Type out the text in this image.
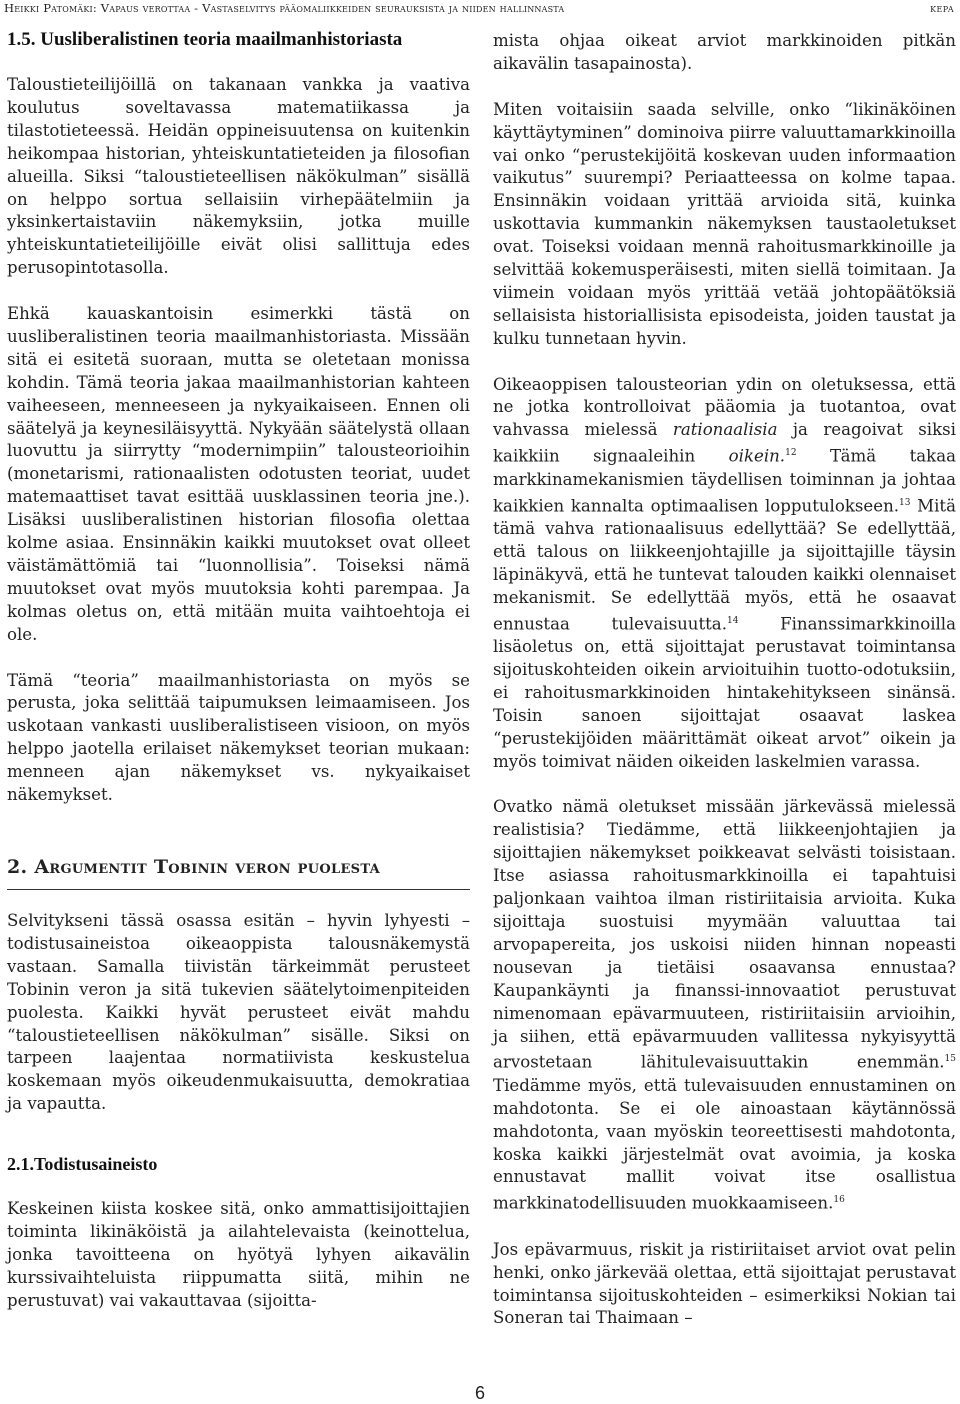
Heikki Patomäki: Vapaus verottaa - Vastaselvitys pääomaliikkeiden seurauksista ja niiden hallinnasta	kepa
1.5. Uusliberalistinen teoria maailmanhistoriasta

Taloustieteilijöillä on takanaan vankka ja vaativa koulutus soveltavassa matematiikassa ja tilastotieteessä. Heidän oppineisuutensa on kuitenkin heikompaa historian, yhteiskuntatieteiden ja filosofian alueilla. Siksi “taloustieteellisen näkökulman” sisällä on helppo sortua sellaisiin virhepäätelmiin ja yksinkertaistaviin näkemyksiin, jotka muille yhteiskuntatieteilijöille eivät olisi sallittuja edes perusopintotasolla.

Ehkä kauaskantoisin esimerkki tästä on uusliberalistinen teoria maailmanhistoriasta. Missään sitä ei esitetä suoraan, mutta se oletetaan monissa kohdin. Tämä teoria jakaa maailmanhistorian kahteen vaiheeseen, menneeseen ja nykyaikaiseen. Ennen oli säätelyä ja keynesiläisyyttä. Nykyään säätelystä ollaan luovuttu ja siirrytty “modernimpiin” talousteorioihin (monetarismi, rationaalisten odotusten teoriat, uudet matemaattiset tavat esittää uusklassinen teoria jne.). Lisäksi uusliberalistinen historian filosofia olettaa kolme asiaa. Ensinnäkin kaikki muutokset ovat olleet väistämättömiä tai “luonnollisia”. Toiseksi nämä muutokset ovat myös muutoksia kohti parempaa. Ja kolmas oletus on, että mitään muita vaihtoehtoja ei ole.

Tämä “teoria” maailmanhistoriasta on myös se perusta, joka selittää taipumuksen leimaamiseen. Jos uskotaan vankasti uusliberalistiseen visioon, on myös helppo jaotella erilaiset näkemykset teorian mukaan: menneen ajan näkemykset vs. nykyaikaiset näkemykset.

2. Argumentit Tobinin veron puolesta

Selvitykseni tässä osassa esitän – hyvin lyhyesti – todistusaineistoa oikeaoppista talousnäkemystä vastaan. Samalla tiivistän tärkeimmät perusteet Tobinin veron ja sitä tukevien säätelytoimenpiteiden puolesta. Kaikki hyvät perusteet eivät mahdu “taloustieteellisen näkökulman” sisälle. Siksi on tarpeen laajentaa normatiivista keskustelua koskemaan myös oikeudenmukaisuutta, demokratiaa ja vapautta.

2.1.Todistusaineisto

Keskeinen kiista koskee sitä, onko ammattisijoittajien toiminta likinäköistä ja ailahtelevaista (keinottelua, jonka tavoitteena on hyötyä lyhyen aikavälin kurssivaihteluista riippumatta siitä, mihin ne perustuvat) vai vakauttavaa (sijoitta-

mista ohjaa oikeat arviot markkinoiden pitkän aikavälin tasapainosta).

Miten voitaisiin saada selville, onko “likinäköinen käyttäytyminen” dominoiva piirre valuuttamarkkinoilla vai onko “perustekijöitä koskevan uuden informaation vaikutus” suurempi? Periaatteessa on kolme tapaa. Ensinnäkin voidaan yrittää arvioida sitä, kuinka uskottavia kummankin näkemyksen taustaoletukset ovat. Toiseksi voidaan mennä rahoitusmarkkinoille ja selvittää kokemusperäisesti, miten siellä toimitaan. Ja viimein voidaan myös yrittää vetää johtopäätöksiä sellaisista historiallisista episodeista, joiden taustat ja kulku tunnetaan hyvin.

Oikeaoppisen talousteorian ydin on oletuksessa, että ne jotka kontrolloivat pääomia ja tuotantoa, ovat vahvassa mielessä rationaalisia ja reagoivat siksi kaikkiin signaaleihin oikein.$^{12}$ Tämä takaa markkinamekanismien täydellisen toiminnan ja johtaa kaikkien kannalta optimaalisen lopputulokseen.$^{13}$ Mitä tämä vahva rationaalisuus edellyttää? Se edellyttää, että talous on liikkeenjohtajille ja sijoittajille täysin läpinäkyvä, että he tuntevat talouden kaikki olennaiset mekanismit. Se edellyttää myös, että he osaavat ennustaa tulevaisuutta.$^{14}$ Finanssimarkkinoilla lisäoletus on, että sijoittajat perustavat toimintansa sijoituskohteiden oikein arvioituihin tuotto-odotuksiin, ei rahoitusmarkkinoiden hintakehitykseen sinänsä. Toisin sanoen sijoittajat osaavat laskea “perustekijöiden määrittämät oikeat arvot” oikein ja myös toimivat näiden oikeiden laskelmien varassa.

Ovatko nämä oletukset missään järkevässä mielessä realistisia? Tiedämme, että liikkeenjohtajien ja sijoittajien näkemykset poikkeavat selvästi toisistaan. Itse asiassa rahoitusmarkkinoilla ei tapahtuisi paljonkaan vaihtoa ilman ristiriitaisia arvioita. Kuka sijoittaja suostuisi myymään valuuttaa tai arvopapereita, jos uskoisi niiden hinnan nopeasti nousevan ja tietäisi osaavansa ennustaa? Kaupankäynti ja finanssi-innovaatiot perustuvat nimenomaan epävarmuuteen, ristiriitaisiin arvioihin, ja siihen, että epävarmuuden vallitessa nykyisyyttä arvostetaan lähitulevaisuuttakin enemmän.$^{15}$ Tiedämme myös, että tulevaisuuden ennustaminen on mahdotonta. Se ei ole ainoastaan käytännössä mahdotonta, vaan myöskin teoreettisesti mahdotonta, koska kaikki järjestelmät ovat avoimia, ja koska ennustavat mallit voivat itse osallistua markkinatodellisuuden muokkaamiseen.$^{16}$

Jos epävarmuus, riskit ja ristiriitaiset arviot ovat pelin henki, onko järkevää olettaa, että sijoittajat perustavat toimintansa sijoituskohteiden – esimerkiksi Nokian tai Soneran tai Thaimaan –

6
